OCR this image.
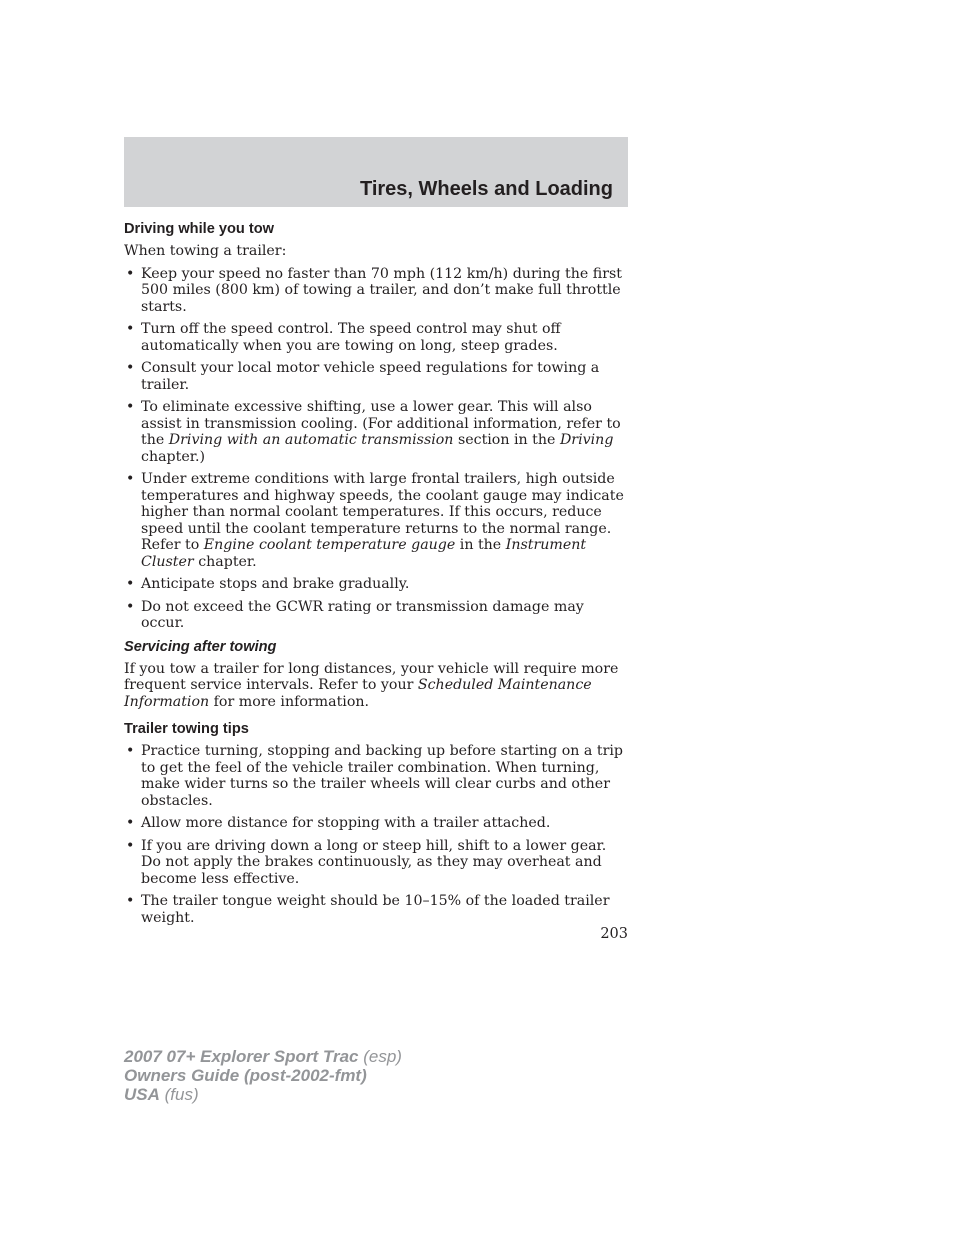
Tires, Wheels and Loading
Driving while you tow

When towing a trailer:

• Keep your speed no faster than 70 mph (112 km/h) during the first 500 miles (800 km) of towing a trailer, and don’t make full throttle starts.
• Turn off the speed control. The speed control may shut off automatically when you are towing on long, steep grades.
• Consult your local motor vehicle speed regulations for towing a trailer.
• To eliminate excessive shifting, use a lower gear. This will also assist in transmission cooling. (For additional information, refer to the Driving with an automatic transmission section in the Driving chapter.)
• Under extreme conditions with large frontal trailers, high outside temperatures and highway speeds, the coolant gauge may indicate higher than normal coolant temperatures. If this occurs, reduce speed until the coolant temperature returns to the normal range. Refer to Engine coolant temperature gauge in the Instrument Cluster chapter.
• Anticipate stops and brake gradually.
• Do not exceed the GCWR rating or transmission damage may occur.
Servicing after towing

If you tow a trailer for long distances, your vehicle will require more frequent service intervals. Refer to your Scheduled Maintenance Information for more information.

Trailer towing tips
• Practice turning, stopping and backing up before starting on a trip to get the feel of the vehicle trailer combination. When turning, make wider turns so the trailer wheels will clear curbs and other obstacles.
• Allow more distance for stopping with a trailer attached.
• If you are driving down a long or steep hill, shift to a lower gear. Do not apply the brakes continuously, as they may overheat and become less effective.
• The trailer tongue weight should be 10–15% of the loaded trailer weight.
203
2007 07+ Explorer Sport Trac (esp)
Owners Guide (post-2002-fmt)
USA (fus)
